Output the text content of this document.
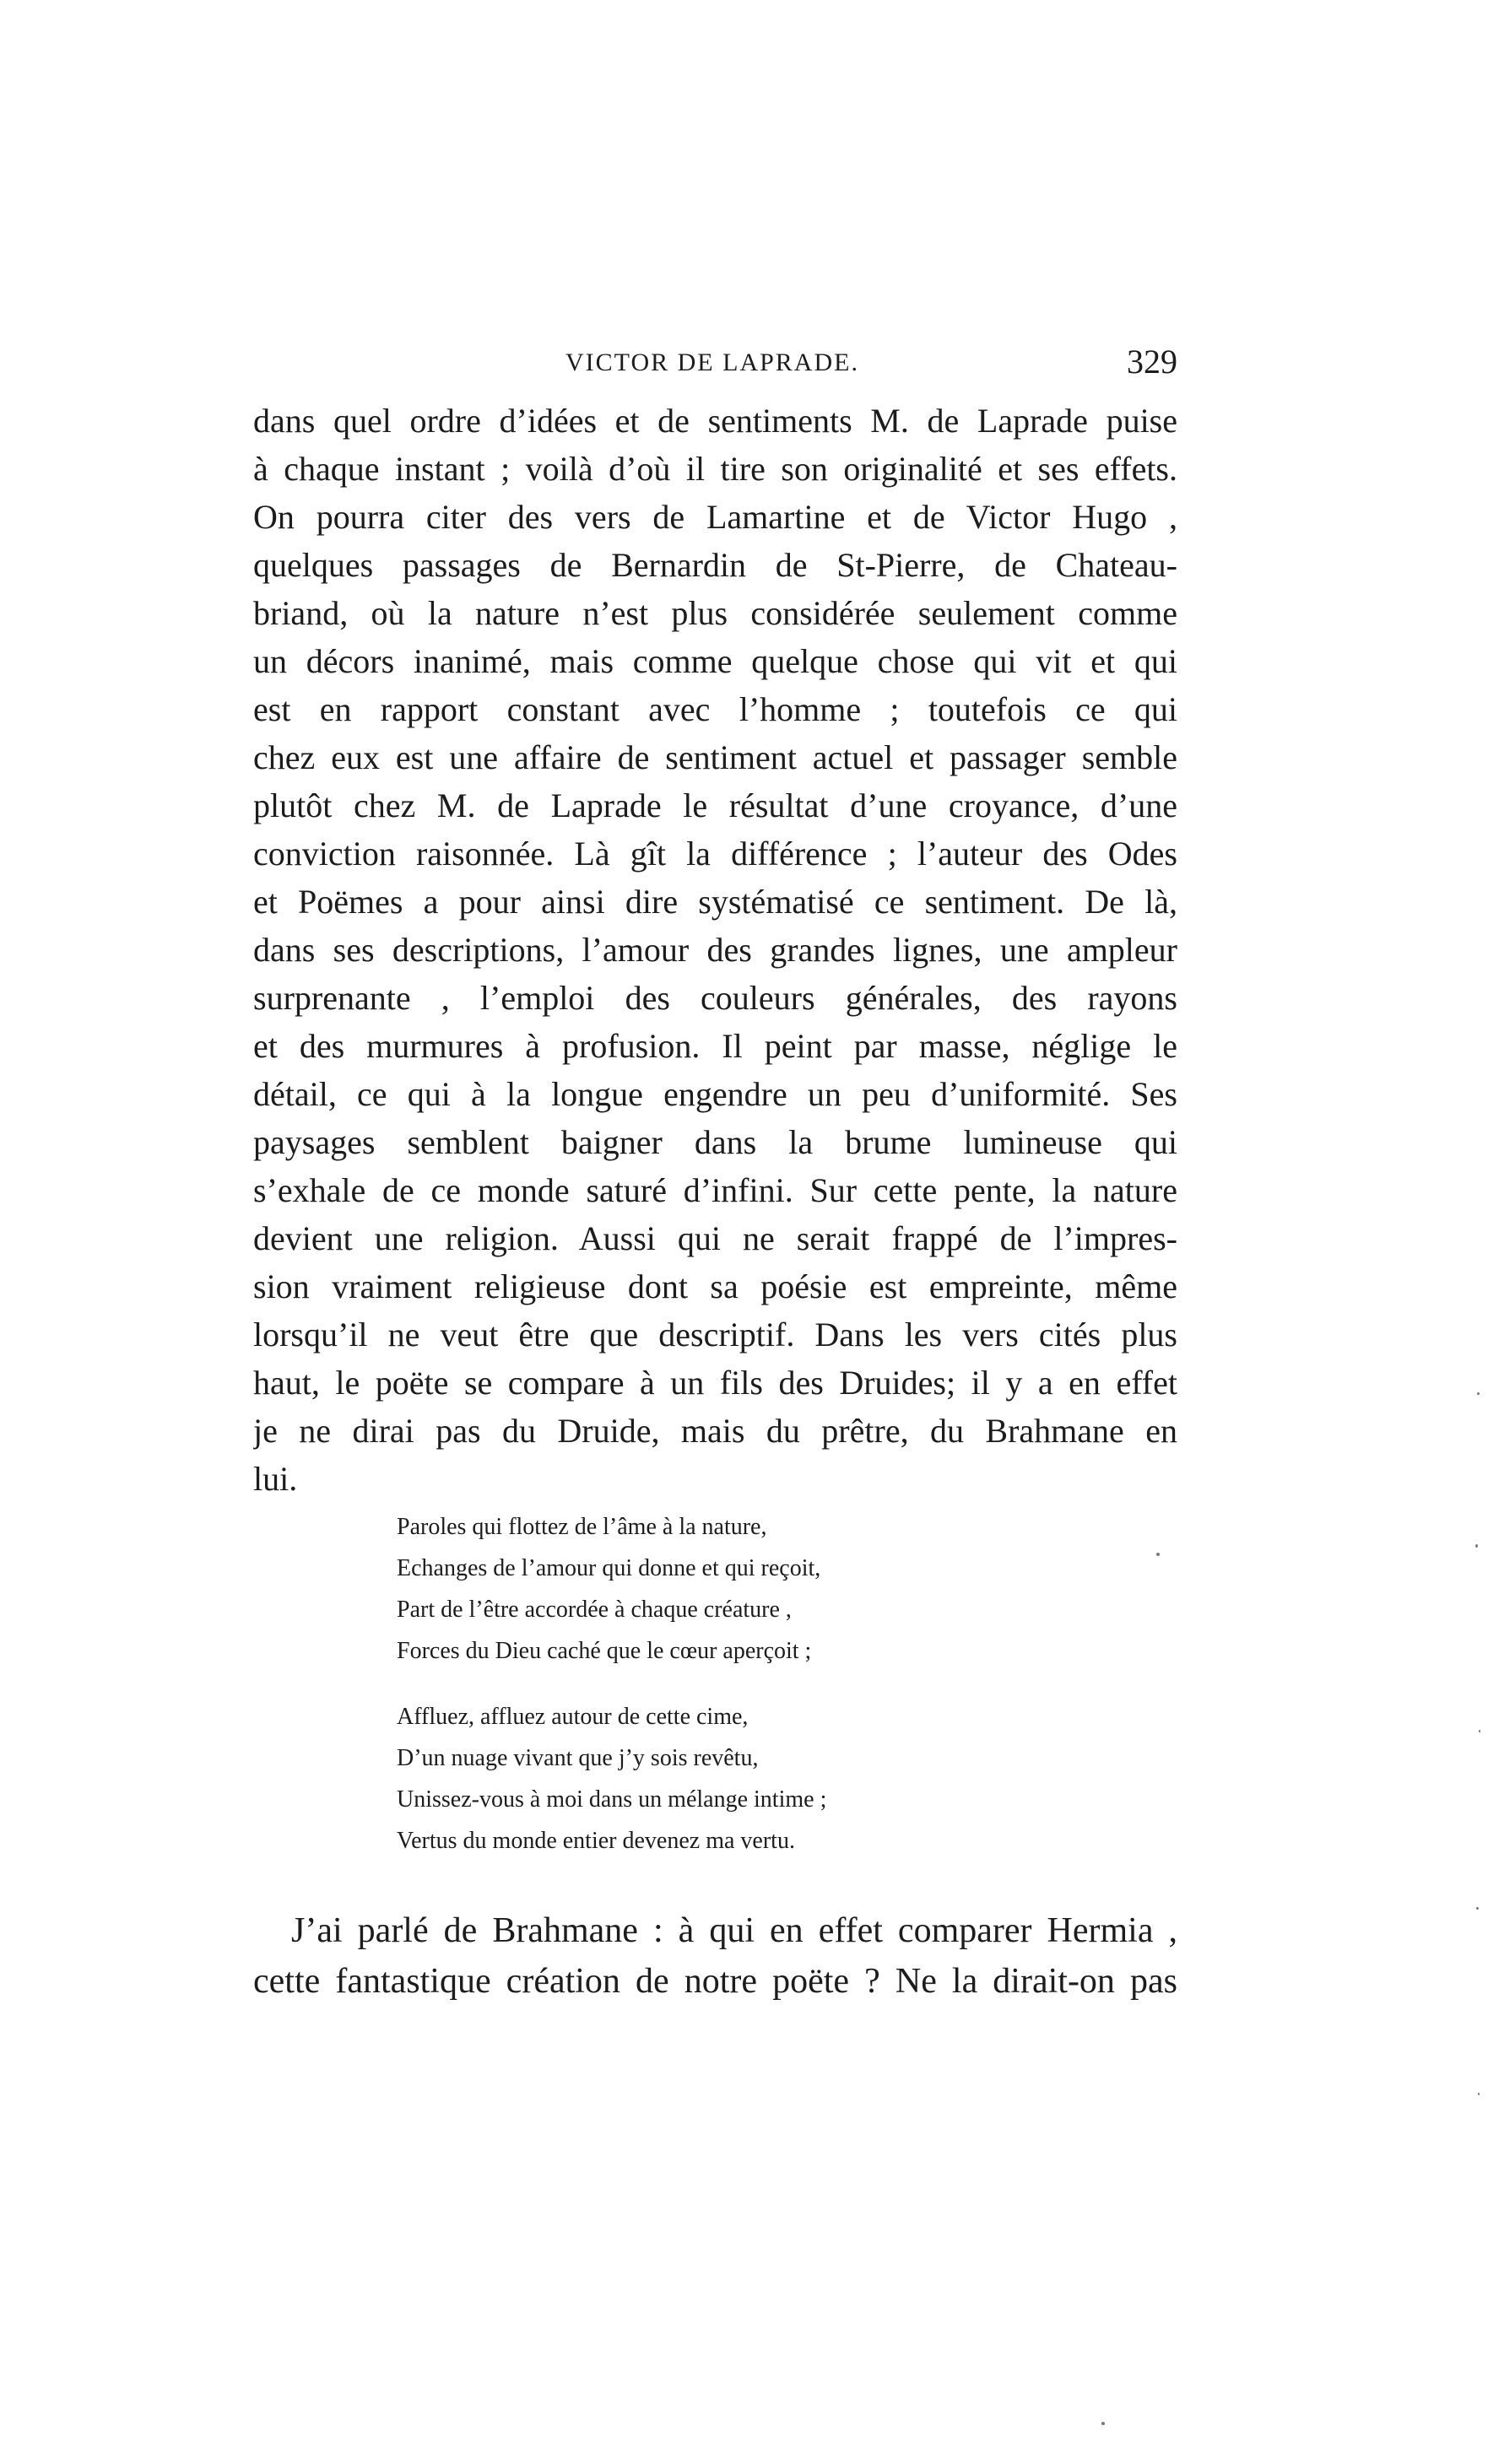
VICTOR DE LAPRADE.	329
dans quel ordre d’idées et de sentiments M. de Laprade puise
à chaque instant ; voilà d’où il tire son originalité et ses effets.
On pourra citer des vers de Lamartine et de Victor Hugo ,
quelques passages de Bernardin de St-Pierre, de Chateau-
briand, où la nature n’est plus considérée seulement comme
un décors inanimé, mais comme quelque chose qui vit et qui
est en rapport constant avec l’homme ; toutefois ce qui
chez eux est une affaire de sentiment actuel et passager semble
plutôt chez M. de Laprade le résultat d’une croyance, d’une
conviction raisonnée. Là gît la différence ; l’auteur des Odes
et Poëmes a pour ainsi dire systématisé ce sentiment. De là,
dans ses descriptions, l’amour des grandes lignes, une ampleur
surprenante , l’emploi des couleurs générales, des rayons
et des murmures à profusion. Il peint par masse, néglige le
détail, ce qui à la longue engendre un peu d’uniformité. Ses
paysages semblent baigner dans la brume lumineuse qui
s’exhale de ce monde saturé d’infini. Sur cette pente, la nature
devient une religion. Aussi qui ne serait frappé de l’impres-
sion vraiment religieuse dont sa poésie est empreinte, même
lorsqu’il ne veut être que descriptif. Dans les vers cités plus
haut, le poëte se compare à un fils des Druides; il y a en effet
je ne dirai pas du Druide, mais du prêtre, du Brahmane en
lui.
Paroles qui flottez de l’âme à la nature,
Echanges de l’amour qui donne et qui reçoit,
Part de l’être accordée à chaque créature ,
Forces du Dieu caché que le cœur aperçoit ;
Affluez, affluez autour de cette cime,
D’un nuage vivant que j’y sois revêtu,
Unissez-vous à moi dans un mélange intime ;
Vertus du monde entier devenez ma vertu.
J’ai parlé de Brahmane : à qui en effet comparer Hermia ,
cette fantastique création de notre poëte ? Ne la dirait-on pas
